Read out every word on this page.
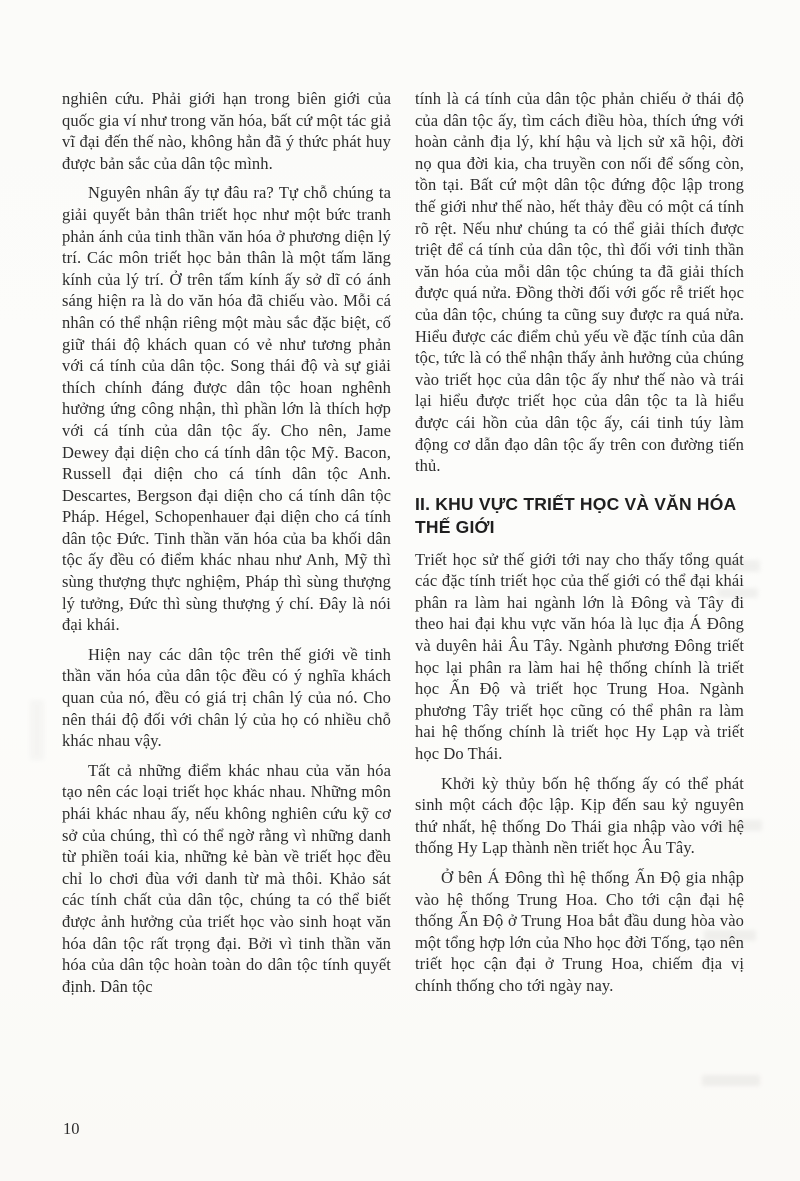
nghiên cứu. Phải giới hạn trong biên giới của quốc gia ví như trong văn hóa, bất cứ một tác giả vĩ đại đến thế nào, không hẳn đã ý thức phát huy được bản sắc của dân tộc mình.

Nguyên nhân ấy tự đâu ra? Tự chỗ chúng ta giải quyết bản thân triết học như một bức tranh phản ánh của tinh thần văn hóa ở phương diện lý trí. Các môn triết học bản thân là một tấm lăng kính của lý trí. Ở trên tấm kính ấy sở dĩ có ánh sáng hiện ra là do văn hóa đã chiếu vào. Mỗi cá nhân có thể nhận riêng một màu sắc đặc biệt, cố giữ thái độ khách quan có vẻ như tương phản với cá tính của dân tộc. Song thái độ và sự giải thích chính đáng được dân tộc hoan nghênh hưởng ứng công nhận, thì phần lớn là thích hợp với cá tính của dân tộc ấy. Cho nên, Jame Dewey đại diện cho cá tính dân tộc Mỹ. Bacon, Russell đại diện cho cá tính dân tộc Anh. Descartes, Bergson đại diện cho cá tính dân tộc Pháp. Hégel, Schopenhauer đại diện cho cá tính dân tộc Đức. Tinh thần văn hóa của ba khối dân tộc ấy đều có điểm khác nhau như Anh, Mỹ thì sùng thượng thực nghiệm, Pháp thì sùng thượng lý tưởng, Đức thì sùng thượng ý chí. Đây là nói đại khái.

Hiện nay các dân tộc trên thế giới về tinh thần văn hóa của dân tộc đều có ý nghĩa khách quan của nó, đều có giá trị chân lý của nó. Cho nên thái độ đối với chân lý của họ có nhiều chỗ khác nhau vậy.

Tất cả những điểm khác nhau của văn hóa tạo nên các loại triết học khác nhau. Những môn phái khác nhau ấy, nếu không nghiên cứu kỹ cơ sở của chúng, thì có thể ngờ rằng vì những danh từ phiền toái kia, những kẻ bàn về triết học đều chỉ lo chơi đùa với danh từ mà thôi. Khảo sát các tính chất của dân tộc, chúng ta có thể biết được ảnh hưởng của triết học vào sinh hoạt văn hóa dân tộc rất trọng đại. Bởi vì tinh thần văn hóa của dân tộc hoàn toàn do dân tộc tính quyết định. Dân tộc

tính là cá tính của dân tộc phản chiếu ở thái độ của dân tộc ấy, tìm cách điều hòa, thích ứng với hoàn cảnh địa lý, khí hậu và lịch sử xã hội, đời nọ qua đời kia, cha truyền con nối để sống còn, tồn tại. Bất cứ một dân tộc đứng độc lập trong thế giới như thế nào, hết thảy đều có một cá tính rõ rệt. Nếu như chúng ta có thể giải thích được triệt để cá tính của dân tộc, thì đối với tinh thần văn hóa của mỗi dân tộc chúng ta đã giải thích được quá nửa. Đồng thời đối với gốc rễ triết học của dân tộc, chúng ta cũng suy được ra quá nửa. Hiểu được các điểm chủ yếu về đặc tính của dân tộc, tức là có thể nhận thấy ảnh hưởng của chúng vào triết học của dân tộc ấy như thế nào và trái lại hiểu được triết học của dân tộc ta là hiểu được cái hồn của dân tộc ấy, cái tinh túy làm động cơ dẫn đạo dân tộc ấy trên con đường tiến thủ.

II. KHU VỰC TRIẾT HỌC VÀ VĂN HÓA THẾ GIỚI

Triết học sử thế giới tới nay cho thấy tổng quát các đặc tính triết học của thế giới có thể đại khái phân ra làm hai ngành lớn là Đông và Tây đi theo hai đại khu vực văn hóa là lục địa Á Đông và duyên hải Âu Tây. Ngành phương Đông triết học lại phân ra làm hai hệ thống chính là triết học Ấn Độ và triết học Trung Hoa. Ngành phương Tây triết học cũng có thể phân ra làm hai hệ thống chính là triết học Hy Lạp và triết học Do Thái.

Khởi kỳ thủy bốn hệ thống ấy có thể phát sinh một cách độc lập. Kịp đến sau kỷ nguyên thứ nhất, hệ thống Do Thái gia nhập vào với hệ thống Hy Lạp thành nền triết học Âu Tây.

Ở bên Á Đông thì hệ thống Ấn Độ gia nhập vào hệ thống Trung Hoa. Cho tới cận đại hệ thống Ấn Độ ở Trung Hoa bắt đầu dung hòa vào một tổng hợp lớn của Nho học đời Tống, tạo nên triết học cận đại ở Trung Hoa, chiếm địa vị chính thống cho tới ngày nay.

10
